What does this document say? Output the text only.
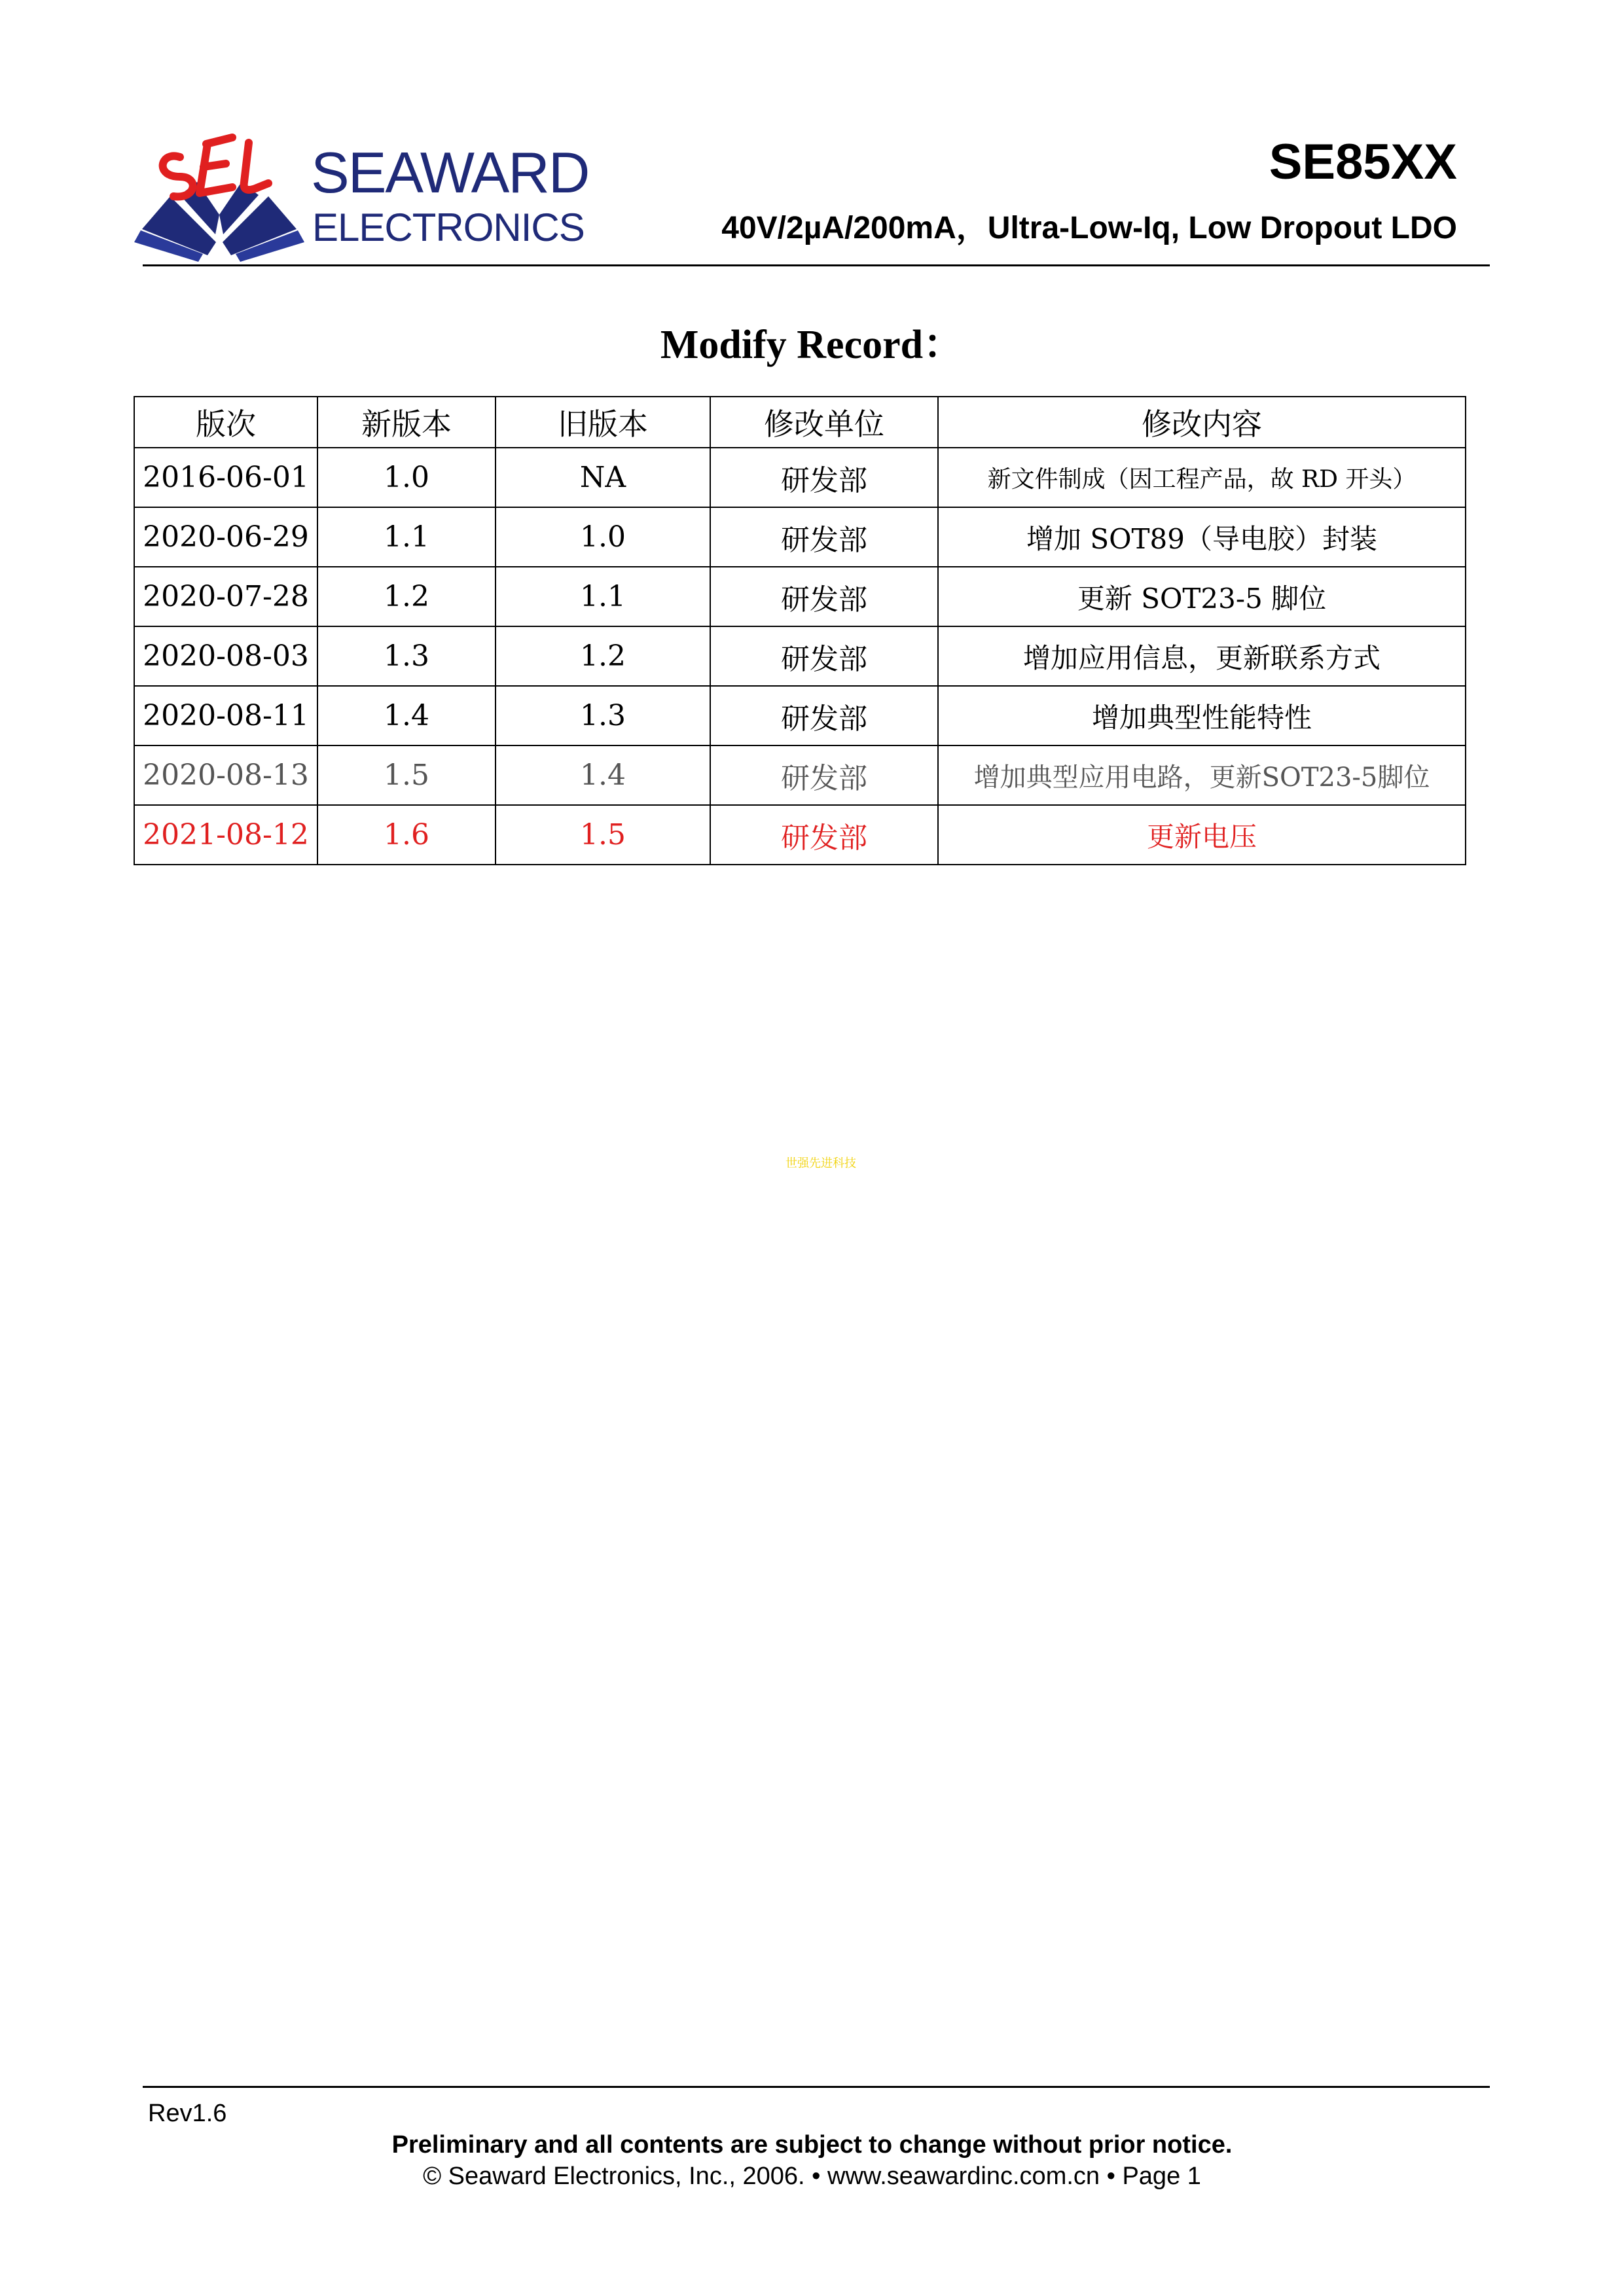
SEAWARD
ELECTRONICS
SE85XX
40V/2µA/200mA，Ultra-Low-Iq, Low Dropout LDO
Modify Record：
版次	新版本	旧版本	修改单位	修改内容
2016-06-01	1.0	NA	研发部	新文件制成（因工程产品，故 RD 开头）
2020-06-29	1.1	1.0	研发部	增加 SOT89（导电胶）封装
2020-07-28	1.2	1.1	研发部	更新 SOT23-5 脚位
2020-08-03	1.3	1.2	研发部	增加应用信息，更新联系方式
2020-08-11	1.4	1.3	研发部	增加典型性能特性
2020-08-13	1.5	1.4	研发部	增加典型应用电路，更新SOT23-5脚位
2021-08-12	1.6	1.5	研发部	更新电压
世强先进科技
Rev1.6
Preliminary and all contents are subject to change without prior notice.
© Seaward Electronics, Inc., 2006. • www.seawardinc.com.cn • Page 1
